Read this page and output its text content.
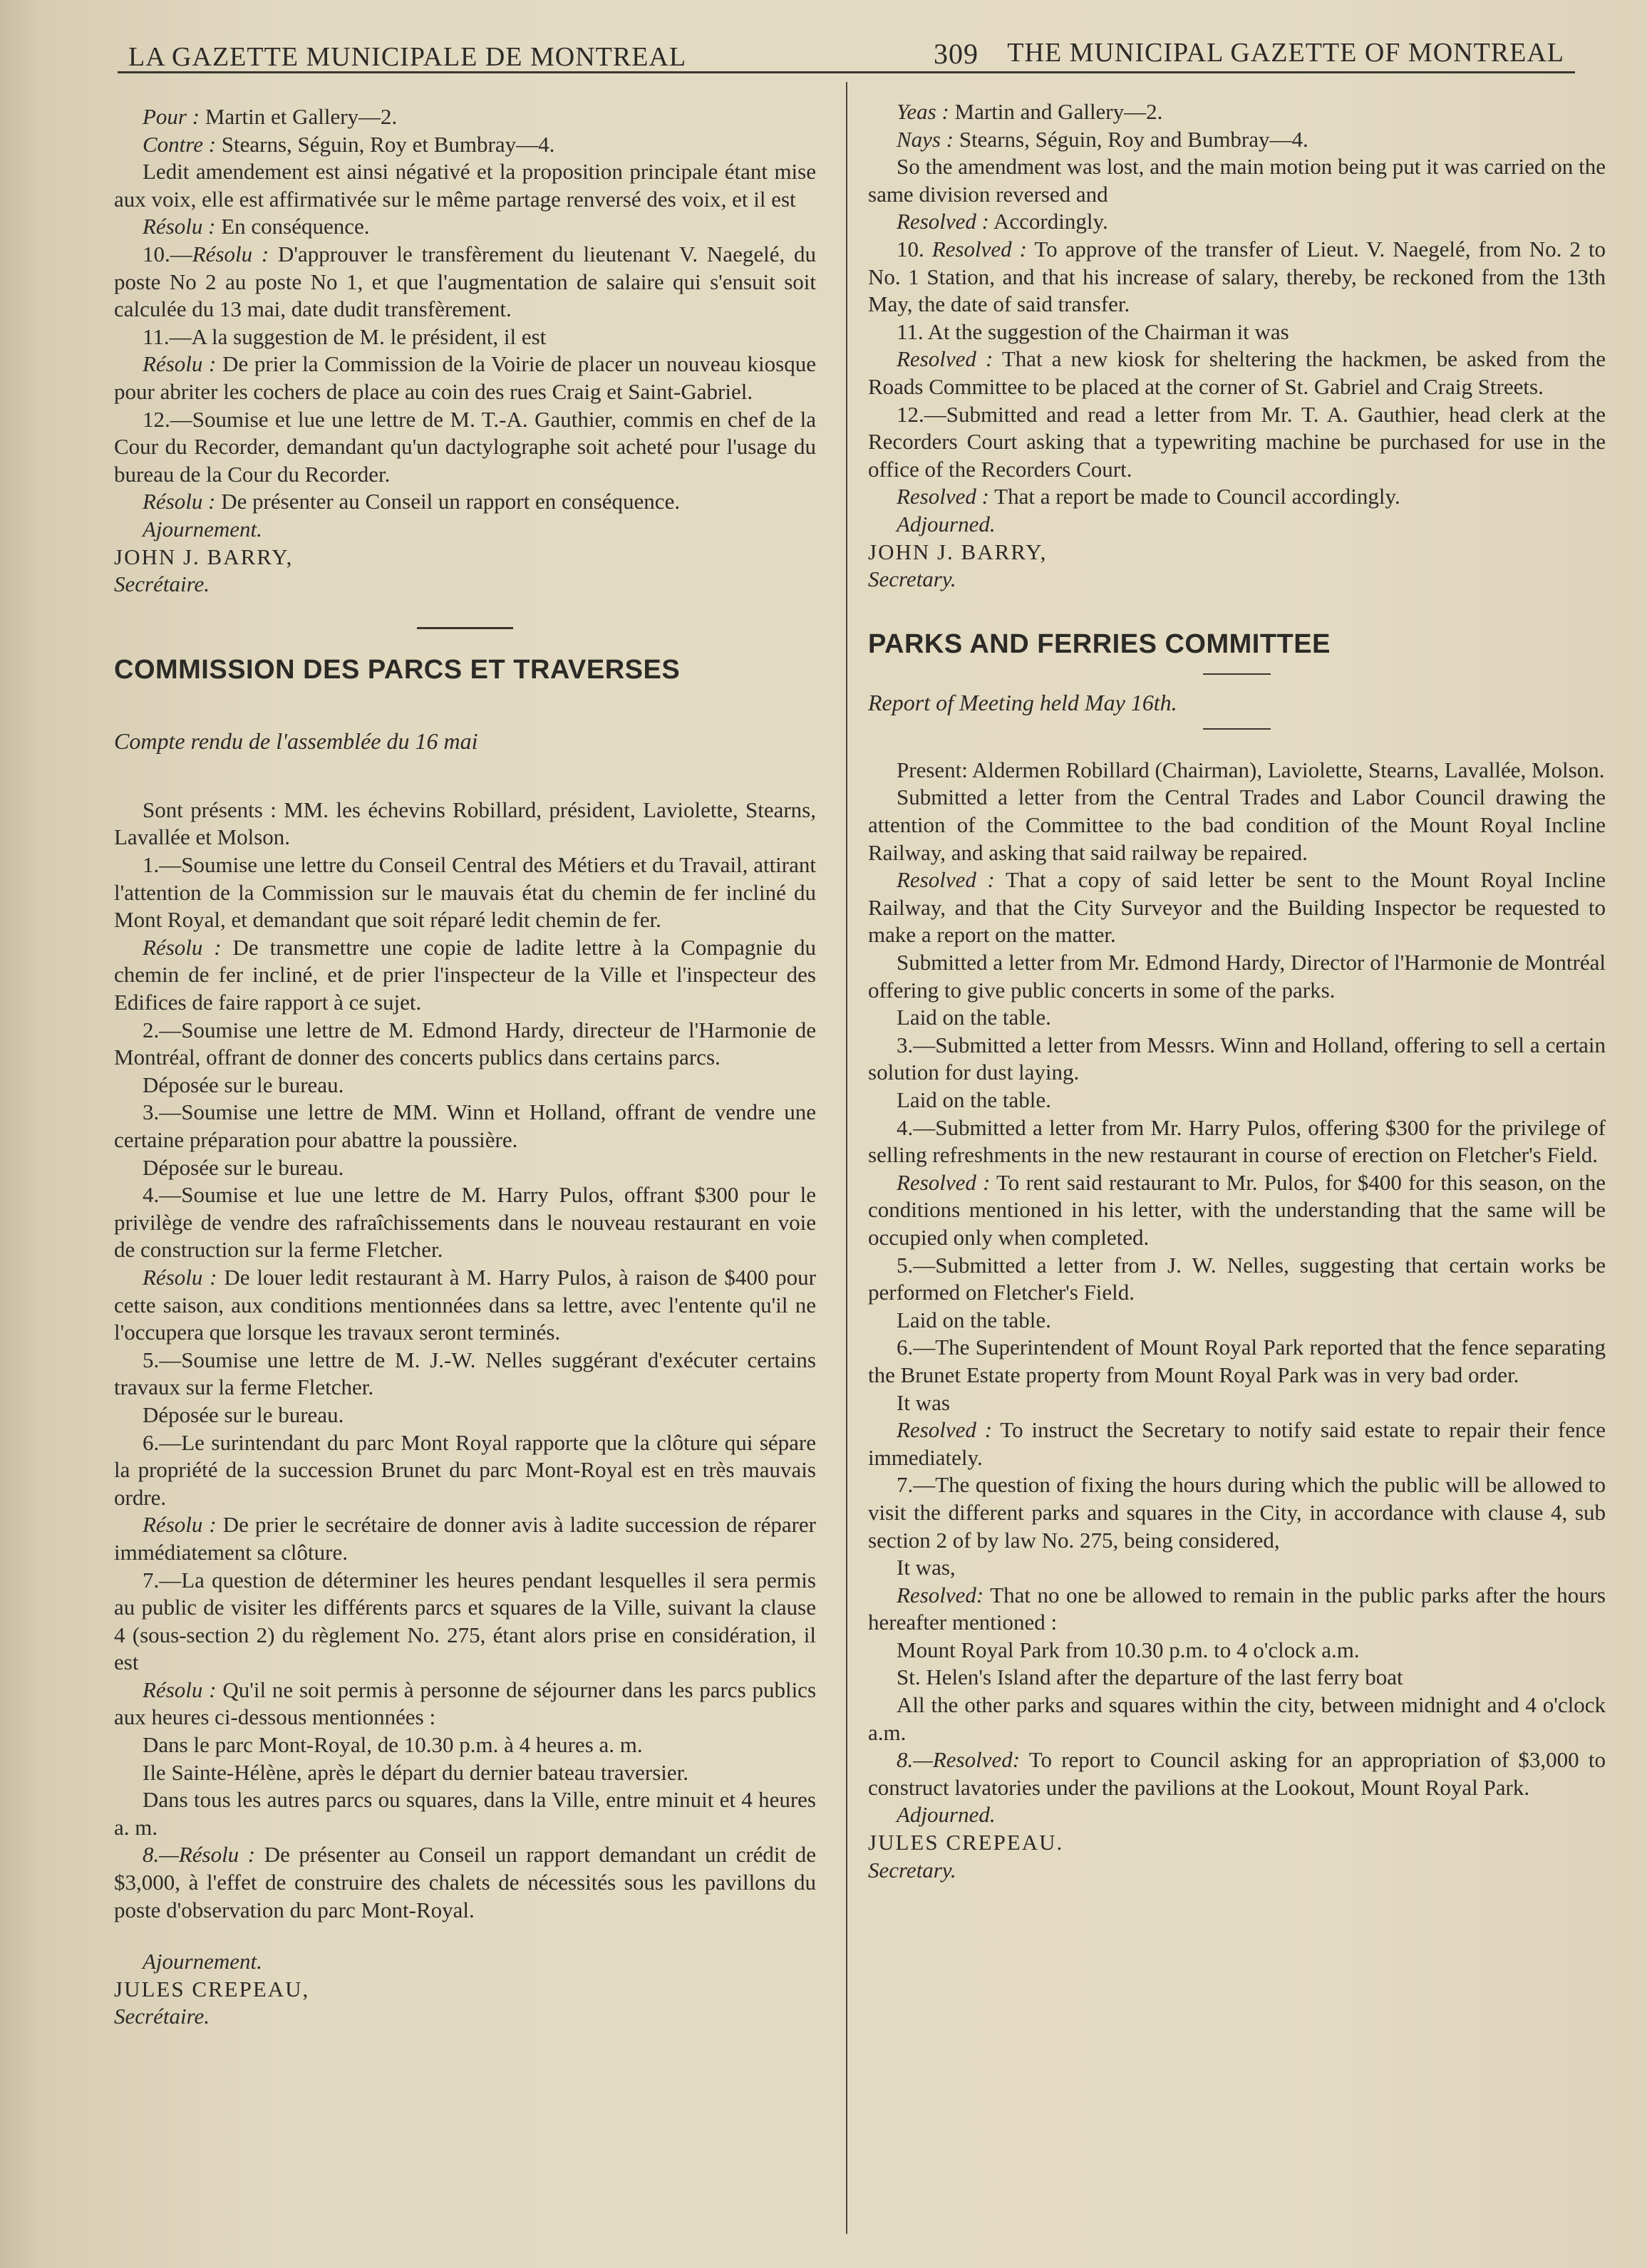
LA GAZETTE MUNICIPALE DE MONTREAL	309 THE MUNICIPAL GAZETTE OF MONTREAL

Pour : Martin et Gallery—2.

Contre : Stearns, Séguin, Roy et Bumbray—4.

Ledit amendement est ainsi négativé et la proposition principale étant mise aux voix, elle est affirmativée sur le même partage renversé des voix, et il est

Résolu : En conséquence.

10.—Résolu : D'approuver le transfèrement du lieutenant V. Naegelé, du poste No 2 au poste No 1, et que l'augmentation de salaire qui s'ensuit soit calculée du 13 mai, date dudit transfèrement.

11.—A la suggestion de M. le président, il est

Résolu : De prier la Commission de la Voirie de placer un nouveau kiosque pour abriter les cochers de place au coin des rues Craig et Saint-Gabriel.

12.—Soumise et lue une lettre de M. T.-A. Gauthier, commis en chef de la Cour du Recorder, demandant qu'un dactylographe soit acheté pour l'usage du bureau de la Cour du Recorder.

Résolu : De présenter au Conseil un rapport en conséquence.

Ajournement.

JOHN J. BARRY,

Secrétaire.

COMMISSION DES PARCS ET TRAVERSES

Compte rendu de l'assemblée du 16 mai

Sont présents : MM. les échevins Robillard, président, Laviolette, Stearns, Lavallée et Molson.

1.—Soumise une lettre du Conseil Central des Métiers et du Travail, attirant l'attention de la Commission sur le mauvais état du chemin de fer incliné du Mont Royal, et demandant que soit réparé ledit chemin de fer.

Résolu : De transmettre une copie de ladite lettre à la Compagnie du chemin de fer incliné, et de prier l'inspecteur de la Ville et l'inspecteur des Edifices de faire rapport à ce sujet.

2.—Soumise une lettre de M. Edmond Hardy, directeur de l'Harmonie de Montréal, offrant de donner des concerts publics dans certains parcs.

Déposée sur le bureau.

3.—Soumise une lettre de MM. Winn et Holland, offrant de vendre une certaine préparation pour abattre la poussière.

Déposée sur le bureau.

4.—Soumise et lue une lettre de M. Harry Pulos, offrant $300 pour le privilège de vendre des rafraîchissements dans le nouveau restaurant en voie de construction sur la ferme Fletcher.

Résolu : De louer ledit restaurant à M. Harry Pulos, à raison de $400 pour cette saison, aux conditions mentionnées dans sa lettre, avec l'entente qu'il ne l'occupera que lorsque les travaux seront terminés.

5.—Soumise une lettre de M. J.-W. Nelles suggérant d'exécuter certains travaux sur la ferme Fletcher.

Déposée sur le bureau.

6.—Le surintendant du parc Mont Royal rapporte que la clôture qui sépare la propriété de la succession Brunet du parc Mont-Royal est en très mauvais ordre.

Résolu : De prier le secrétaire de donner avis à ladite succession de réparer immédiatement sa clôture.

7.—La question de déterminer les heures pendant lesquelles il sera permis au public de visiter les différents parcs et squares de la Ville, suivant la clause 4 (sous-section 2) du règlement No. 275, étant alors prise en considération, il est

Résolu : Qu'il ne soit permis à personne de séjourner dans les parcs publics aux heures ci-dessous mentionnées :

Dans le parc Mont-Royal, de 10.30 p.m. à 4 heures a. m.

Ile Sainte-Hélène, après le départ du dernier bateau traversier.

Dans tous les autres parcs ou squares, dans la Ville, entre minuit et 4 heures a. m.

8.—Résolu : De présenter au Conseil un rapport demandant un crédit de $3,000, à l'effet de construire des chalets de nécessités sous les pavillons du poste d'observation du parc Mont-Royal.

Ajournement.

JULES CREPEAU,

Secrétaire.

Yeas : Martin and Gallery—2.

Nays : Stearns, Séguin, Roy and Bumbray—4.

So the amendment was lost, and the main motion being put it was carried on the same division reversed and

Resolved : Accordingly.

10. Resolved : To approve of the transfer of Lieut. V. Naegelé, from No. 2 to No. 1 Station, and that his increase of salary, thereby, be reckoned from the 13th May, the date of said transfer.

11. At the suggestion of the Chairman it was

Resolved : That a new kiosk for sheltering the hackmen, be asked from the Roads Committee to be placed at the corner of St. Gabriel and Craig Streets.

12.—Submitted and read a letter from Mr. T. A. Gauthier, head clerk at the Recorders Court asking that a typewriting machine be purchased for use in the office of the Recorders Court.

Resolved : That a report be made to Council accordingly.

Adjourned.

JOHN J. BARRY,

Secretary.

PARKS AND FERRIES COMMITTEE

Report of Meeting held May 16th.

Present: Aldermen Robillard (Chairman), Laviolette, Stearns, Lavallée, Molson.

Submitted a letter from the Central Trades and Labor Council drawing the attention of the Committee to the bad condition of the Mount Royal Incline Railway, and asking that said railway be repaired.

Resolved : That a copy of said letter be sent to the Mount Royal Incline Railway, and that the City Surveyor and the Building Inspector be requested to make a report on the matter.

Submitted a letter from Mr. Edmond Hardy, Director of l'Harmonie de Montréal offering to give public concerts in some of the parks.

Laid on the table.

3.—Submitted a letter from Messrs. Winn and Holland, offering to sell a certain solution for dust laying.

Laid on the table.

4.—Submitted a letter from Mr. Harry Pulos, offering $300 for the privilege of selling refreshments in the new restaurant in course of erection on Fletcher's Field.

Resolved : To rent said restaurant to Mr. Pulos, for $400 for this season, on the conditions mentioned in his letter, with the understanding that the same will be occupied only when completed.

5.—Submitted a letter from J. W. Nelles, suggesting that certain works be performed on Fletcher's Field.

Laid on the table.

6.—The Superintendent of Mount Royal Park reported that the fence separating the Brunet Estate property from Mount Royal Park was in very bad order.

It was

Resolved : To instruct the Secretary to notify said estate to repair their fence immediately.

7.—The question of fixing the hours during which the public will be allowed to visit the different parks and squares in the City, in accordance with clause 4, sub section 2 of by law No. 275, being considered,

It was,

Resolved: That no one be allowed to remain in the public parks after the hours hereafter mentioned :

Mount Royal Park from 10.30 p.m. to 4 o'clock a.m.

St. Helen's Island after the departure of the last ferry boat

All the other parks and squares within the city, between midnight and 4 o'clock a.m.

8.—Resolved: To report to Council asking for an appropriation of $3,000 to construct lavatories under the pavilions at the Lookout, Mount Royal Park.

Adjourned.

JULES CREPEAU.

Secretary.
